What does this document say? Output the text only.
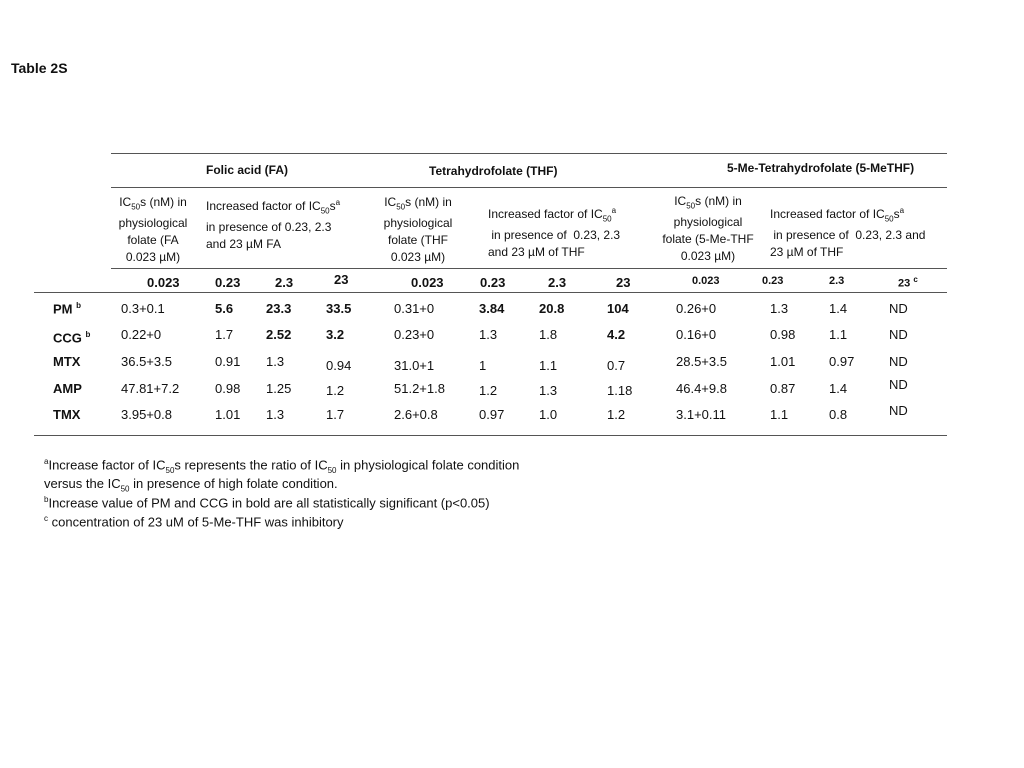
Table 2S
Folic acid (FA)	Tetrahydrofolate (THF)	5-Me-Tetrahydrofolate (5-MeTHF)
$IC_{50}s$ (nM) in
physiological
folate (FA
0.023 µM)
Increased factor of $IC_{50}s^a$
in presence of 0.23, 2.3
and 23 µM FA
$IC_{50}s$ (nM) in
physiological
folate (THF
0.023 µM)
Increased factor of $IC_{50}^a$
in presence of  0.23, 2.3
and 23 µM of THF
$IC_{50}s$ (nM) in
physiological
folate (5-Me-THF
0.023 µM)
Increased factor of $IC_{50}s^a$
in presence of  0.23, 2.3 and
23 µM of THF
0.023	0.23	2.3	23	0.023	0.23	2.3	23	0.023	0.23	2.3	23 $^c$
PM $^b$	0.3+0.1	5.6	23.3	33.5	0.31+0	3.84	20.8	104	0.26+0	1.3	1.4	ND
CCG $^b$ 0.22+0	1.7	2.52	3.2	0.23+0	1.3	1.8	4.2	0.16+0	0.98	1.1	ND
MTX	36.5+3.5	0.91 1.3	0.94	31.0+1	1	1.1	0.7	28.5+3.5	1.01	0.97	ND
AMP	47.81+7.2	0.98 1.25	1.2	51.2+1.8	1.2	1.3	1.18	46.4+9.8	0.87	1.4	ND
TMX	3.95+0.8	1.01 1.3	1.7	2.6+0.8	0.97	1.0	1.2	3.1+0.11	1.1	0.8	ND
$^a$Increase factor of $IC_{50}s$ represents the ratio of $IC_{50}$ in physiological folate condition
versus the $IC_{50}$ in presence of high folate condition.
$^b$Increase value of PM and CCG in bold are all statistically significant (p<0.05)
$^c$ concentration of 23 uM of 5-Me-THF was inhibitory
